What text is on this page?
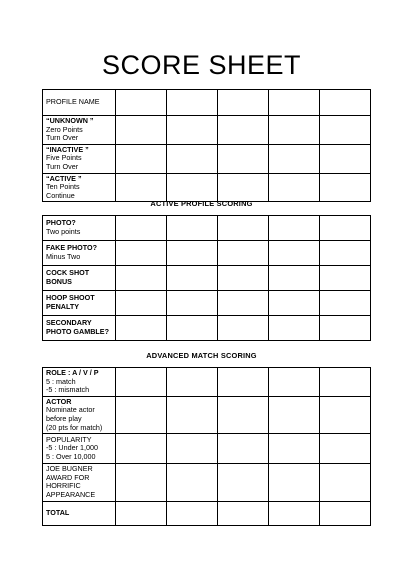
SCORE SHEET
PROFILE NAME					

“UNKNOWN ”
Zero Points
Turn Over					

“INACTIVE ”
Five Points
Turn Over					

“ACTIVE ”
Ten Points
Continue					

ACTIVE PROFILE SCORING
PHOTO?
Two points					

FAKE PHOTO?
Minus Two					

COCK SHOT
BONUS					

HOOP SHOOT
PENALTY					

SECONDARY
PHOTO GAMBLE?					

ADVANCED MATCH SCORING
ROLE : A / V / P
5 : match
-5 : mismatch					

ACTOR
Nominate actor
before play
(20 pts for match)					

POPULARITY
-5 : Under 1,000
5 : Over 10,000					

JOE BUGNER
AWARD FOR
HORRIFIC
APPEARANCE					

TOTAL					
